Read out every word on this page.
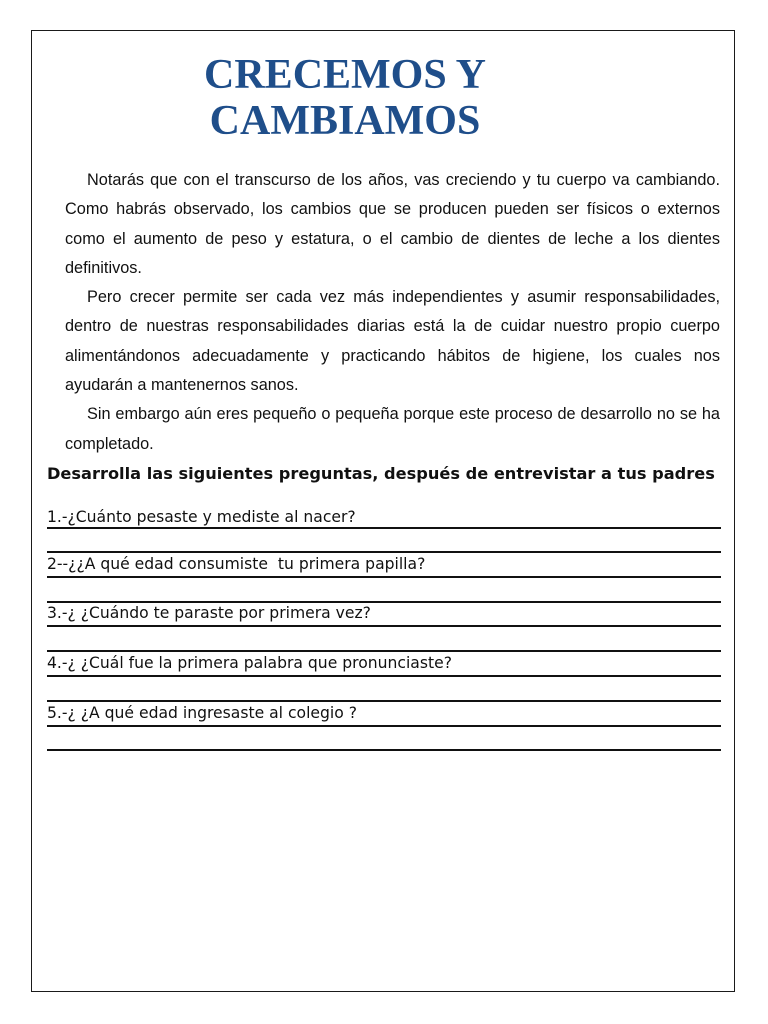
CRECEMOS Y
CAMBIAMOS

Notarás que con el transcurso de los años, vas creciendo y tu cuerpo va cambiando. Como habrás observado, los cambios que se producen pueden ser físicos o externos como el aumento de peso y estatura, o el cambio de dientes de leche a los dientes definitivos.

Pero crecer permite ser cada vez más independientes y asumir responsabilidades, dentro de nuestras responsabilidades diarias está la de cuidar nuestro propio cuerpo alimentándonos adecuadamente y practicando hábitos de higiene, los cuales nos ayudarán a mantenernos sanos.

Sin embargo aún eres pequeño o pequeña porque este proceso de desarrollo no se ha completado.

Desarrolla las siguientes preguntas, después de entrevistar a tus padres

1.-¿Cuánto pesaste y mediste al nacer?
2--¿¿A qué edad consumiste  tu primera papilla?
3.-¿ ¿Cuándo te paraste por primera vez?
4.-¿ ¿Cuál fue la primera palabra que pronunciaste?
5.-¿ ¿A qué edad ingresaste al colegio ?
